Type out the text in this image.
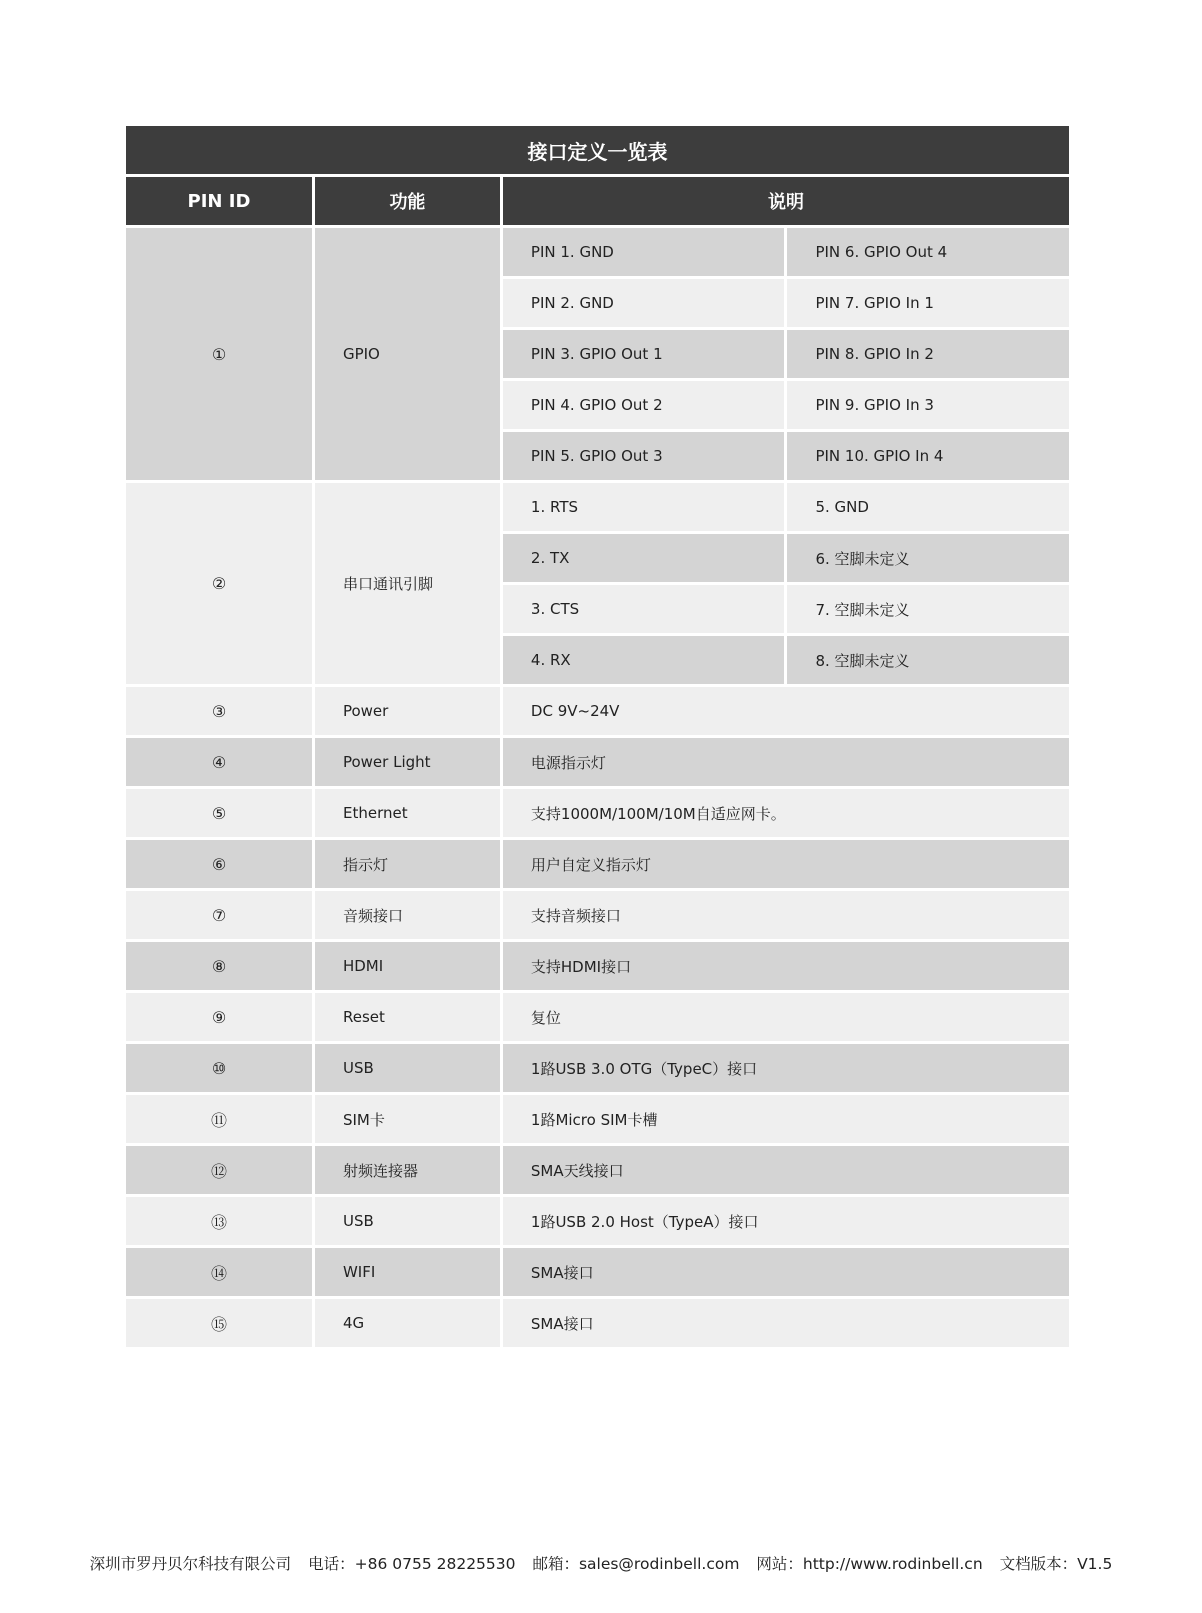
接口定义一览表			
PIN ID	功能	说明	
①	GPIO	PIN 1. GND	PIN 6. GPIO Out 4
		PIN 2. GND	PIN 7. GPIO In 1
		PIN 3. GPIO Out 1	PIN 8. GPIO In 2
		PIN 4. GPIO Out 2	PIN 9. GPIO In 3
		PIN 5. GPIO Out 3	PIN 10. GPIO In 4
②	串口通讯引脚	1. RTS	5. GND
		2. TX	6. 空脚未定义
		3. CTS	7. 空脚未定义
		4. RX	8. 空脚未定义
③	Power	DC 9V~24V	
④	Power Light	电源指示灯	
⑤	Ethernet	支持1000M/100M/10M自适应网卡。	
⑥	指示灯	用户自定义指示灯	
⑦	音频接口	支持音频接口	
⑧	HDMI	支持HDMI接口	
⑨	Reset	复位	
⑩	USB	1路USB 3.0 OTG（TypeC）接口	
⑪	SIM卡	1路Micro SIM卡槽	
⑫	射频连接器	SMA天线接口	
⑬	USB	1路USB 2.0 Host（TypeA）接口	
⑭	WIFI	SMA接口	
⑮	4G	SMA接口	
深圳市罗丹贝尔科技有限公司 电话：+86 0755 28225530 邮箱：sales@rodinbell.com 网站：http://www.rodinbell.cn 文档版本：V1.5
